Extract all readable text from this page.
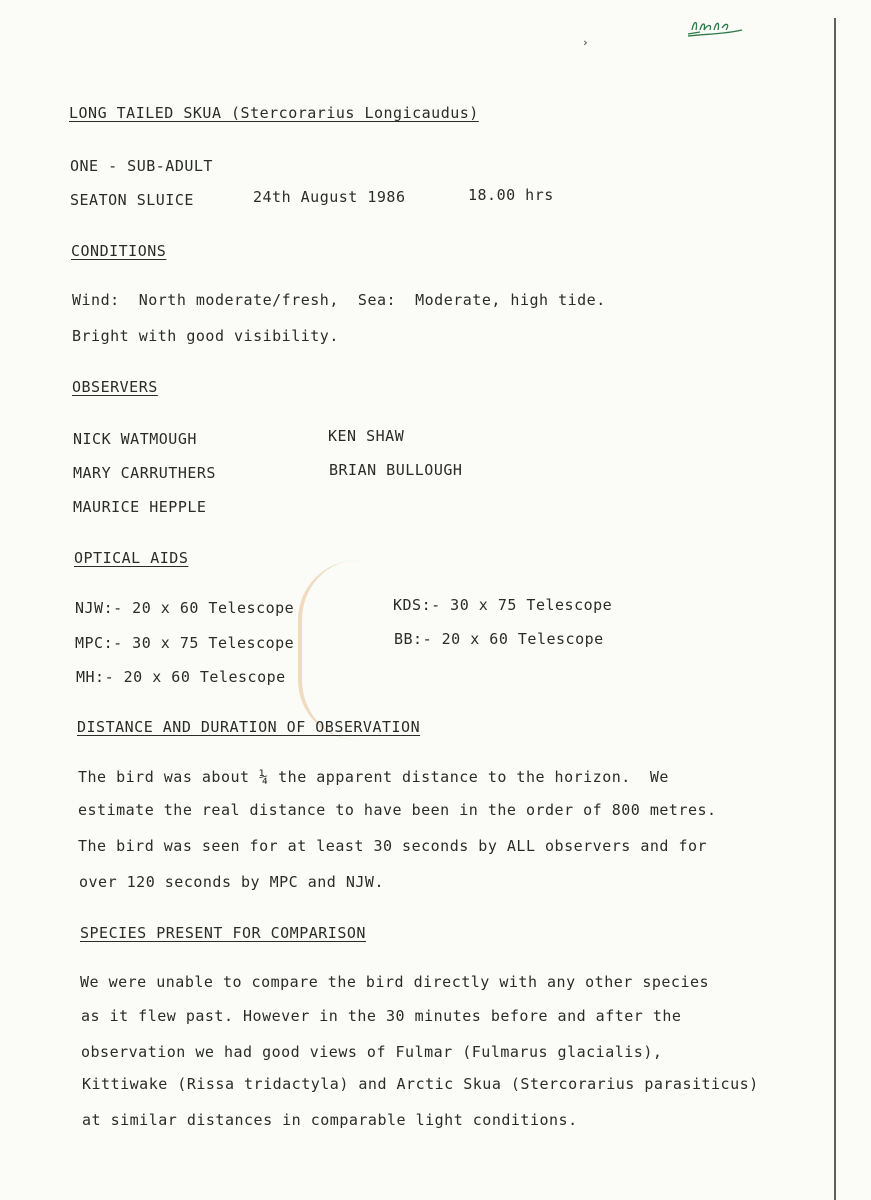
›
LONG TAILED SKUA (Stercorarius Longicaudus)
ONE - SUB-ADULT
SEATON SLUICE	24th August 1986	18.00 hrs
CONDITIONS
Wind:  North moderate/fresh,  Sea:  Moderate, high tide.
Bright with good visibility.
OBSERVERS
NICK WATMOUGH	KEN SHAW
MARY CARRUTHERS	BRIAN BULLOUGH
MAURICE HEPPLE
OPTICAL AIDS
NJW:- 20 x 60 Telescope	KDS:- 30 x 75 Telescope
MPC:- 30 x 75 Telescope	BB:- 20 x 60 Telescope
MH:- 20 x 60 Telescope
DISTANCE AND DURATION OF OBSERVATION
The bird was about ¼ the apparent distance to the horizon.  We
estimate the real distance to have been in the order of 800 metres.
The bird was seen for at least 30 seconds by ALL observers and for
over 120 seconds by MPC and NJW.
SPECIES PRESENT FOR COMPARISON
We were unable to compare the bird directly with any other species
as it flew past. However in the 30 minutes before and after the
observation we had good views of Fulmar (Fulmarus glacialis),
Kittiwake (Rissa tridactyla) and Arctic Skua (Stercorarius parasiticus)
at similar distances in comparable light conditions.
